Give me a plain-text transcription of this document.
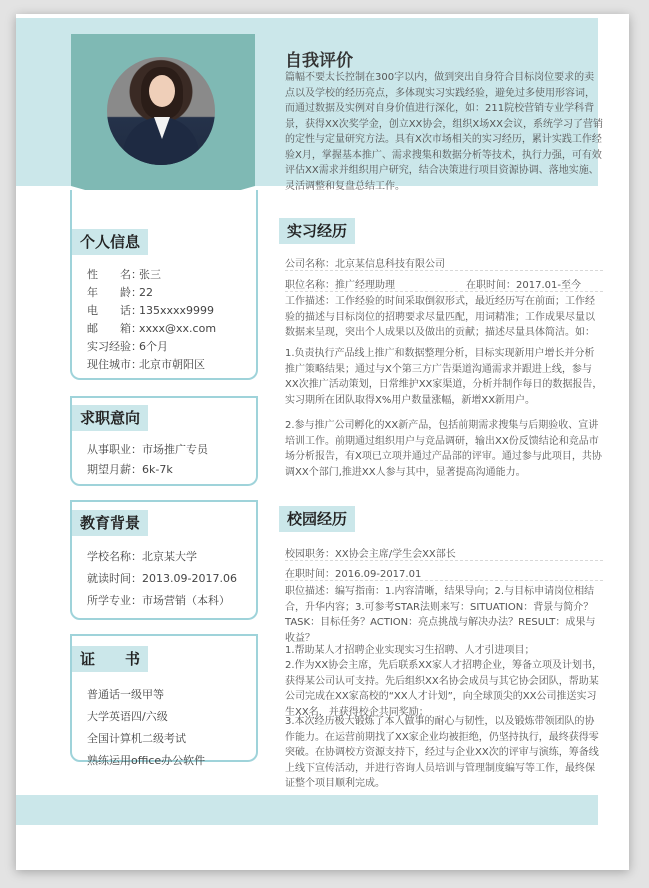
个人信息
性　　名：张三
年　　龄：22
电　　话：135xxxx9999
邮　　箱：xxxx@xx.com
实习经验：6个月
现住城市：北京市朝阳区
求职意向
从事职业：市场推广专员
期望月薪：6k-7k
教育背景
学校名称：北京某大学
就读时间：2013.09-2017.06
所学专业：市场营销（本科）
证　　书
普通话一级甲等
大学英语四/六级
全国计算机二级考试
熟练运用office办公软件
自我评价
篇幅不要太长控制在300字以内，做到突出自身符合目标岗位要求的卖点以及学校的经历亮点，多体现实习实践经验，避免过多使用形容词，而通过数据及实例对自身价值进行深化，如：211院校营销专业学科背景，获得XX次奖学金，创立XX协会，组织X场XX会议，系统学习了营销的定性与定量研究方法。具有X次市场相关的实习经历，累计实践工作经验X月，掌握基本推广、需求搜集和数据分析等技术，执行力强，可有效评估XX需求并组织用户研究，结合决策进行项目资源协调、落地实施、灵活调整和复盘总结工作。
实习经历
公司名称：北京某信息科技有限公司
职位名称：推广经理助理	在职时间：2017.01-至今
工作描述：工作经验的时间采取倒叙形式，最近经历写在前面；工作经验的描述与目标岗位的招聘要求尽量匹配，用词精准；工作成果尽量以数据来呈现，突出个人成果以及做出的贡献；描述尽量具体简洁。如：
1.负责执行产品线上推广和数据整理分析，目标实现新用户增长并分析推广策略结果；通过与X个第三方广告渠道沟通需求并跟进上线，参与XX次推广活动策划，日常维护XX家渠道，分析并制作每日的数据报告，实习期所在团队取得X%用户数量涨幅，新增XX新用户。
2.参与推广公司孵化的XX新产品，包括前期需求搜集与后期验收、宣讲培训工作。前期通过组织用户与竞品调研，输出XX份反馈结论和竞品市场分析报告，有X项已立项并通过产品部的评审。通过参与此项目，共协调XX个部门,推进XX人参与其中，显著提高沟通能力。
校园经历
校园职务：XX协会主席/学生会XX部长
在职时间：2016.09-2017.01
职位描述：编写指南：1.内容清晰，结果导向；2.与目标申请岗位相结合，升华内容；3.可参考STAR法则来写：SITUATION：背景与简介？TASK：目标任务？ACTION：亮点挑战与解决办法？RESULT：成果与收益？
1.帮助某人才招聘企业实现实习生招聘、人才引进项目；
2.作为XX协会主席，先后联系XX家人才招聘企业，筹备立项及计划书，获得某公司认可支持。先后组织XX名协会成员与其它协会团队，帮助某公司完成在XX家高校的“XX人才计划”，向全球顶尖的XX公司推送实习生XX名，并获得校企共同奖励；
3.本次经历极大锻炼了本人做事的耐心与韧性，以及锻炼带领团队的协作能力。在运营前期找了XX家企业均被拒绝，仍坚持执行，最终获得零突破。在协调校方资源支持下，经过与企业XX次的评审与演练，筹备线上线下宣传活动，并进行咨询人员培训与管理制度编写等工作，最终保证整个项目顺利完成。
